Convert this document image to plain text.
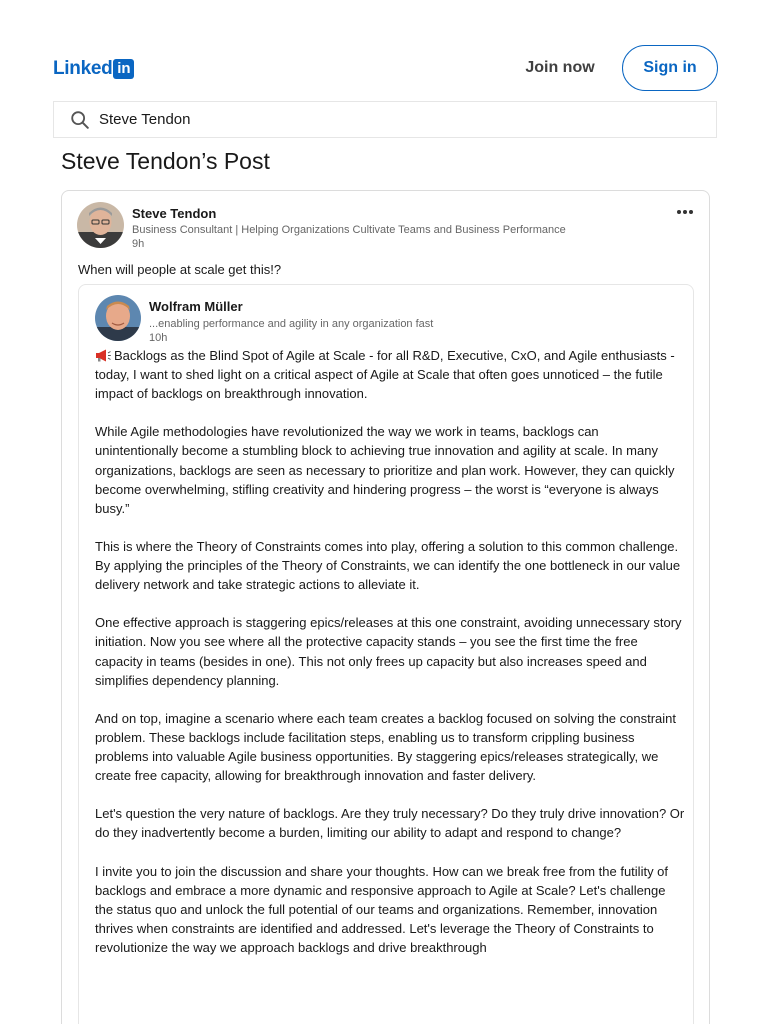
Linked in	Join now	Sign in
Steve Tendon
Steve Tendon’s Post
Steve Tendon
Business Consultant | Helping Organizations Cultivate Teams and Business Performance
9h
When will people at scale get this!?
Wolfram Müller
...enabling performance and agility in any organization fast
10h

Backlogs as the Blind Spot of Agile at Scale - for all R&D, Executive, CxO, and Agile enthusiasts - today, I want to shed light on a critical aspect of Agile at Scale that often goes unnoticed – the futile impact of backlogs on breakthrough innovation.

While Agile methodologies have revolutionized the way we work in teams, backlogs can unintentionally become a stumbling block to achieving true innovation and agility at scale. In many organizations, backlogs are seen as necessary to prioritize and plan work. However, they can quickly become overwhelming, stifling creativity and hindering progress – the worst is “everyone is always busy.”

This is where the Theory of Constraints comes into play, offering a solution to this common challenge. By applying the principles of the Theory of Constraints, we can identify the one bottleneck in our value delivery network and take strategic actions to alleviate it.

One effective approach is staggering epics/releases at this one constraint, avoiding unnecessary story initiation. Now you see where all the protective capacity stands – you see the first time the free capacity in teams (besides in one). This not only frees up capacity but also increases speed and simplifies dependency planning.

And on top, imagine a scenario where each team creates a backlog focused on solving the constraint problem. These backlogs include facilitation steps, enabling us to transform crippling business problems into valuable Agile business opportunities. By staggering epics/releases strategically, we create free capacity, allowing for breakthrough innovation and faster delivery.

Let's question the very nature of backlogs. Are they truly necessary? Do they truly drive innovation? Or do they inadvertently become a burden, limiting our ability to adapt and respond to change?

I invite you to join the discussion and share your thoughts. How can we break free from the futility of backlogs and embrace a more dynamic and responsive approach to Agile at Scale? Let's challenge the status quo and unlock the full potential of our teams and organizations. Remember, innovation thrives when constraints are identified and addressed. Let's leverage the Theory of Constraints to revolutionize the way we approach backlogs and drive breakthrough
